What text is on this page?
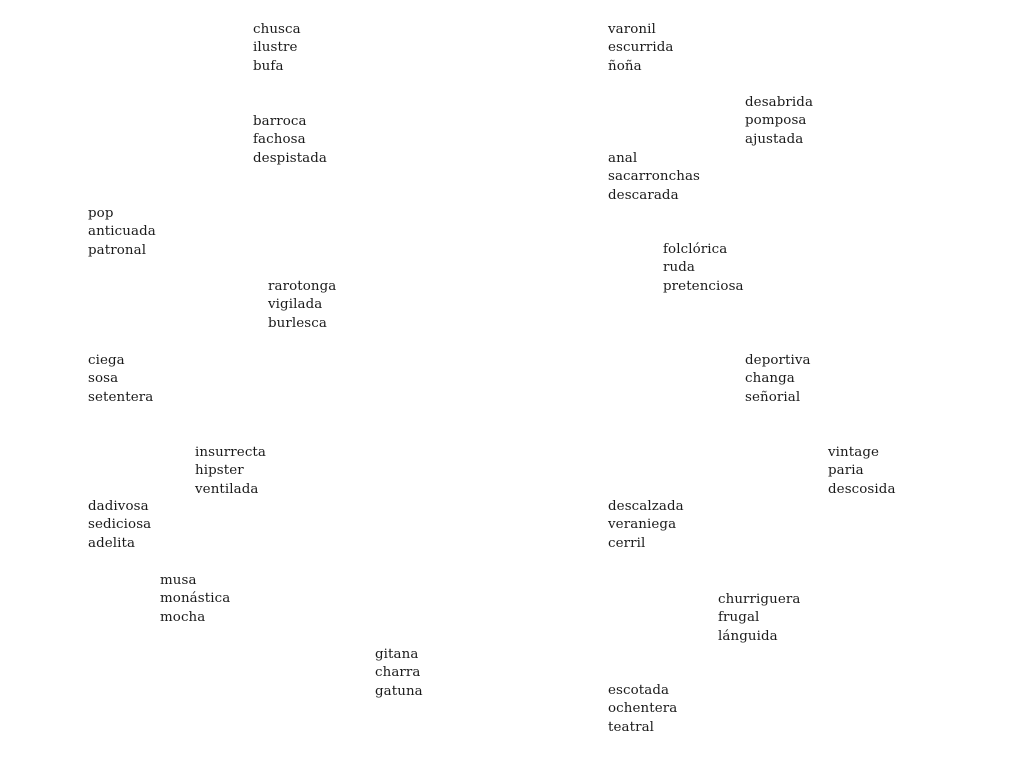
chusca
ilustre
bufa
varonil
escurrida
ñoña
desabrida
pomposa
ajustada
barroca
fachosa
despistada	anal
sacarronchas
descarada
pop
anticuada
patronal	folclórica
ruda
pretenciosa
rarotonga
vigilada
burlesca
ciega
sosa
setentera
deportiva
changa
señorial
insurrecta
hipster
ventilada
vintage
paria
descosida
dadivosa
sediciosa
adelita
descalzada
veraniega
cerril
musa
monástica
mocha
churriguera
frugal
lánguida
gitana
charra
gatuna	escotada
ochentera
teatral
